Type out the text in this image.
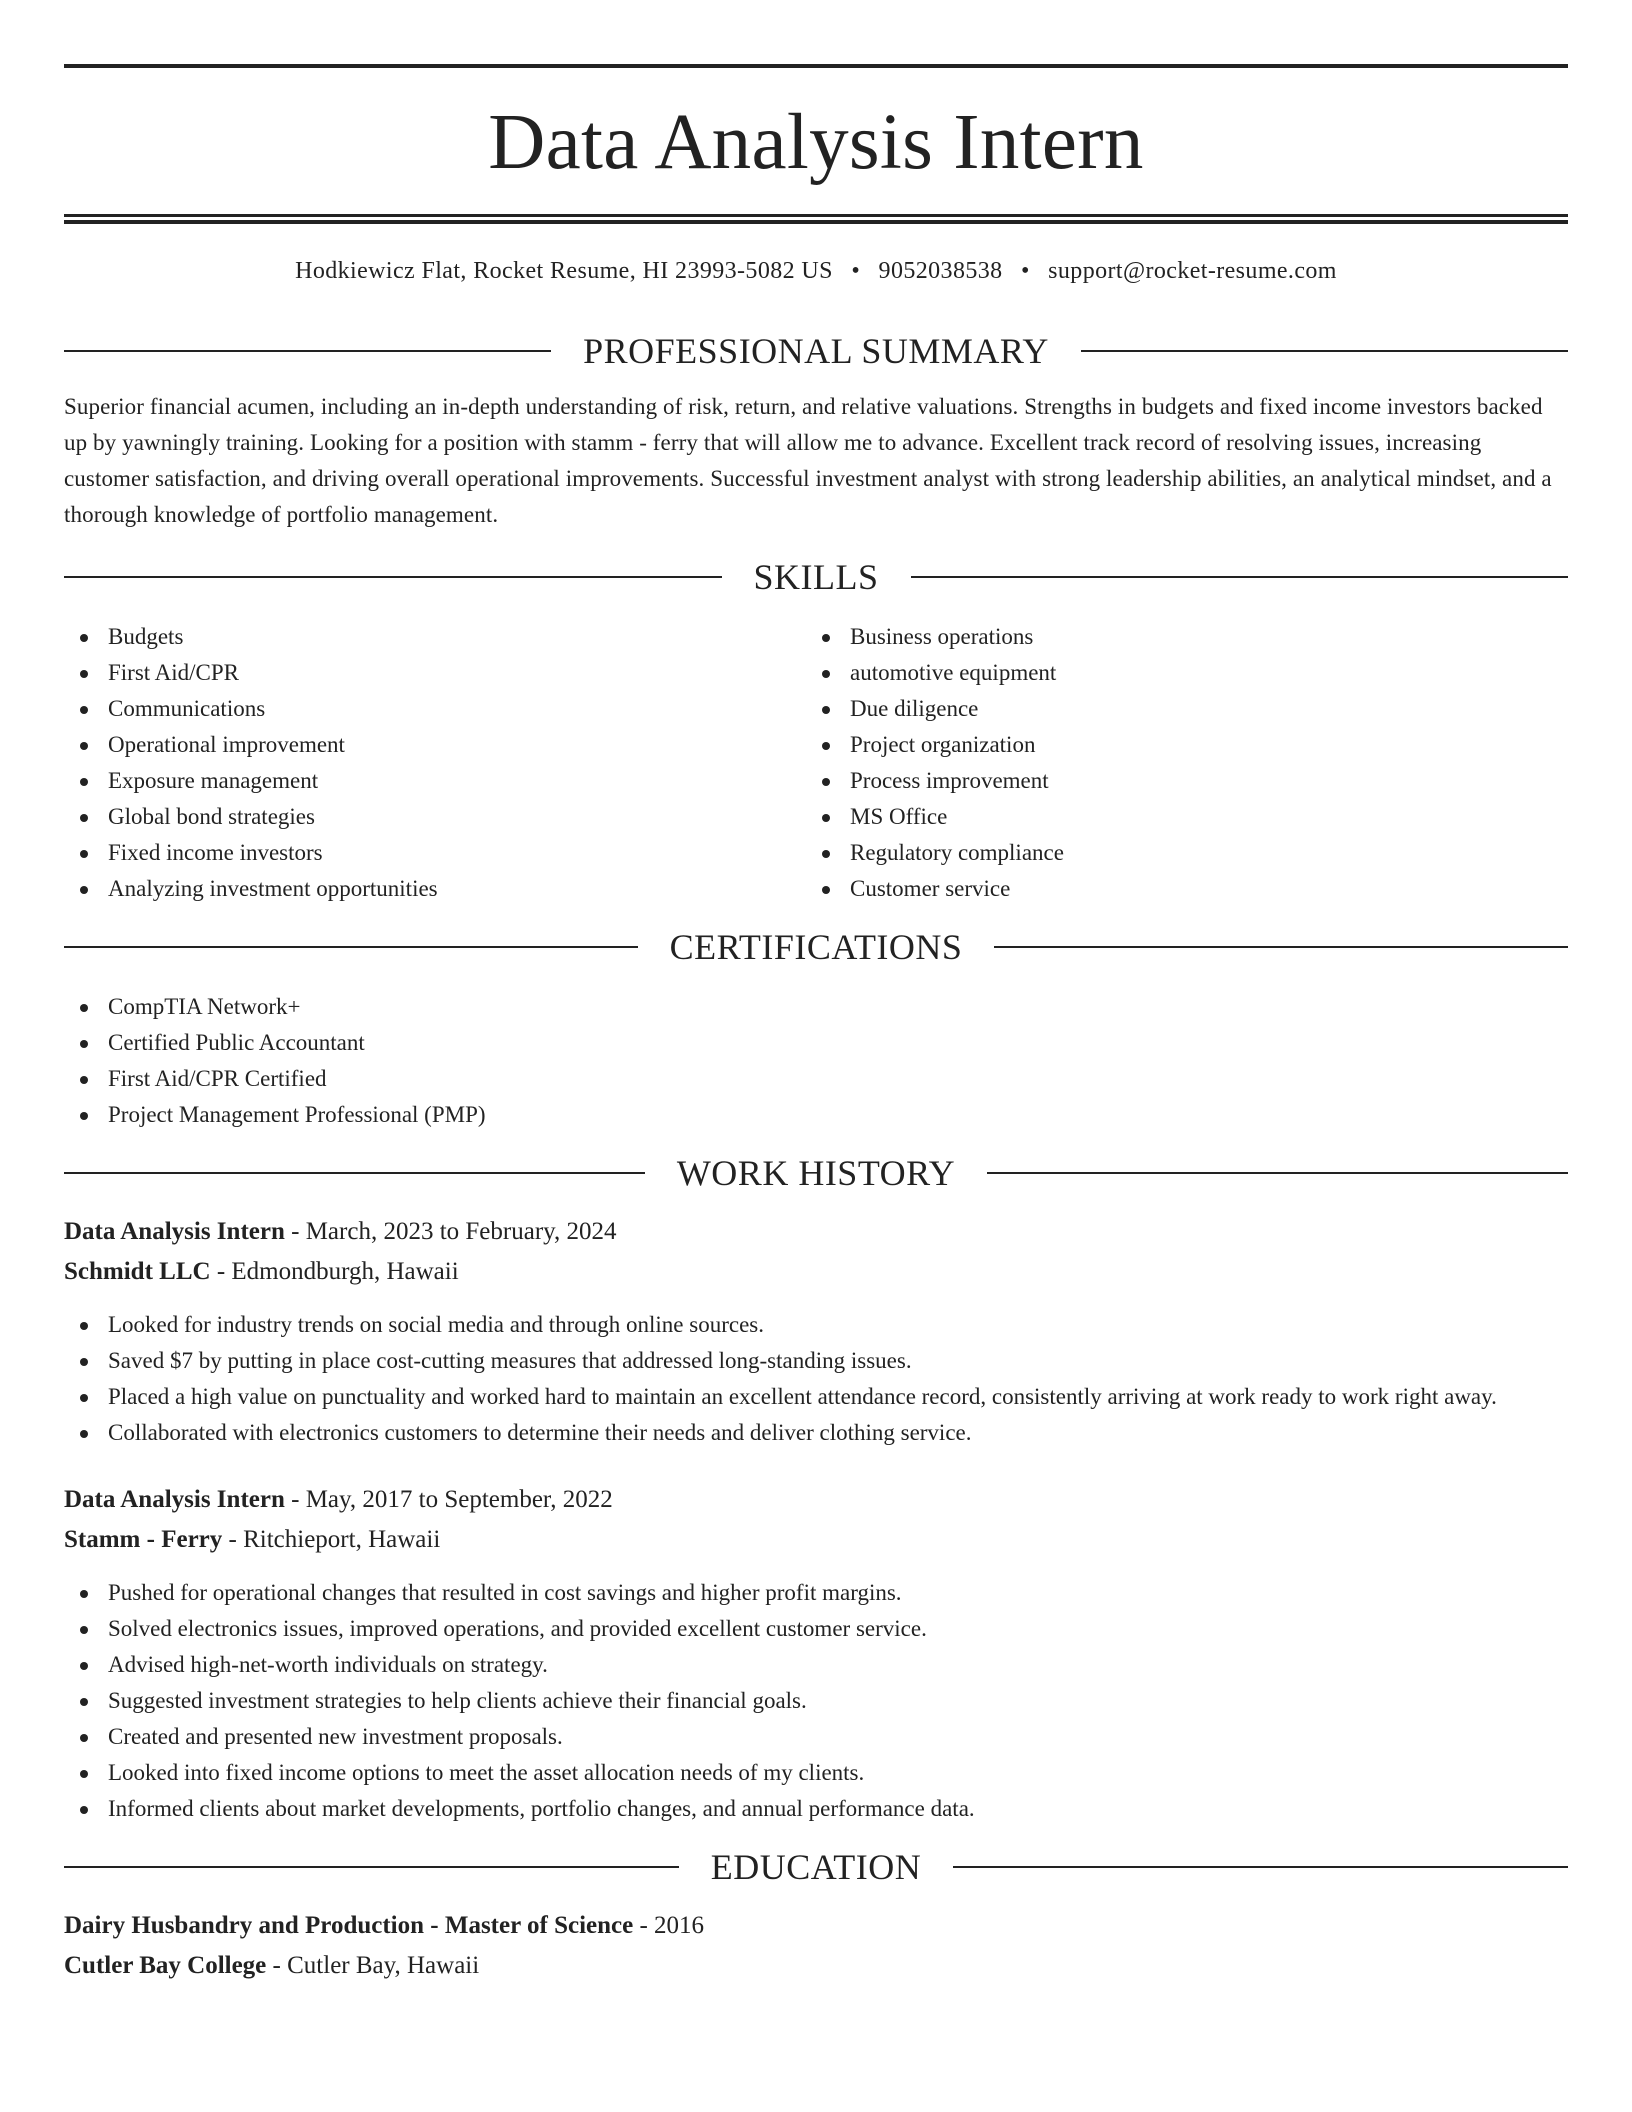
Data Analysis Intern
Hodkiewicz Flat, Rocket Resume, HI 23993-5082 US • 9052038538 • support@rocket-resume.com
PROFESSIONAL SUMMARY

Superior financial acumen, including an in-depth understanding of risk, return, and relative valuations. Strengths in budgets and fixed income investors backed up by yawningly training. Looking for a position with stamm - ferry that will allow me to advance. Excellent track record of resolving issues, increasing customer satisfaction, and driving overall operational improvements. Successful investment analyst with strong leadership abilities, an analytical mindset, and a thorough knowledge of portfolio management.

SKILLS
Budgets
First Aid/CPR
Communications
Operational improvement
Exposure management
Global bond strategies
Fixed income investors
Analyzing investment opportunities
Business operations
automotive equipment
Due diligence
Project organization
Process improvement
MS Office
Regulatory compliance
Customer service
CERTIFICATIONS
CompTIA Network+
Certified Public Accountant
First Aid/CPR Certified
Project Management Professional (PMP)
WORK HISTORY
Data Analysis Intern - March, 2023 to February, 2024
Schmidt LLC - Edmondburgh, Hawaii
Looked for industry trends on social media and through online sources.
Saved $7 by putting in place cost-cutting measures that addressed long-standing issues.
Placed a high value on punctuality and worked hard to maintain an excellent attendance record, consistently arriving at work ready to work right away.
Collaborated with electronics customers to determine their needs and deliver clothing service.
Data Analysis Intern - May, 2017 to September, 2022
Stamm - Ferry - Ritchieport, Hawaii
Pushed for operational changes that resulted in cost savings and higher profit margins.
Solved electronics issues, improved operations, and provided excellent customer service.
Advised high-net-worth individuals on strategy.
Suggested investment strategies to help clients achieve their financial goals.
Created and presented new investment proposals.
Looked into fixed income options to meet the asset allocation needs of my clients.
Informed clients about market developments, portfolio changes, and annual performance data.
EDUCATION
Dairy Husbandry and Production - Master of Science - 2016
Cutler Bay College - Cutler Bay, Hawaii
